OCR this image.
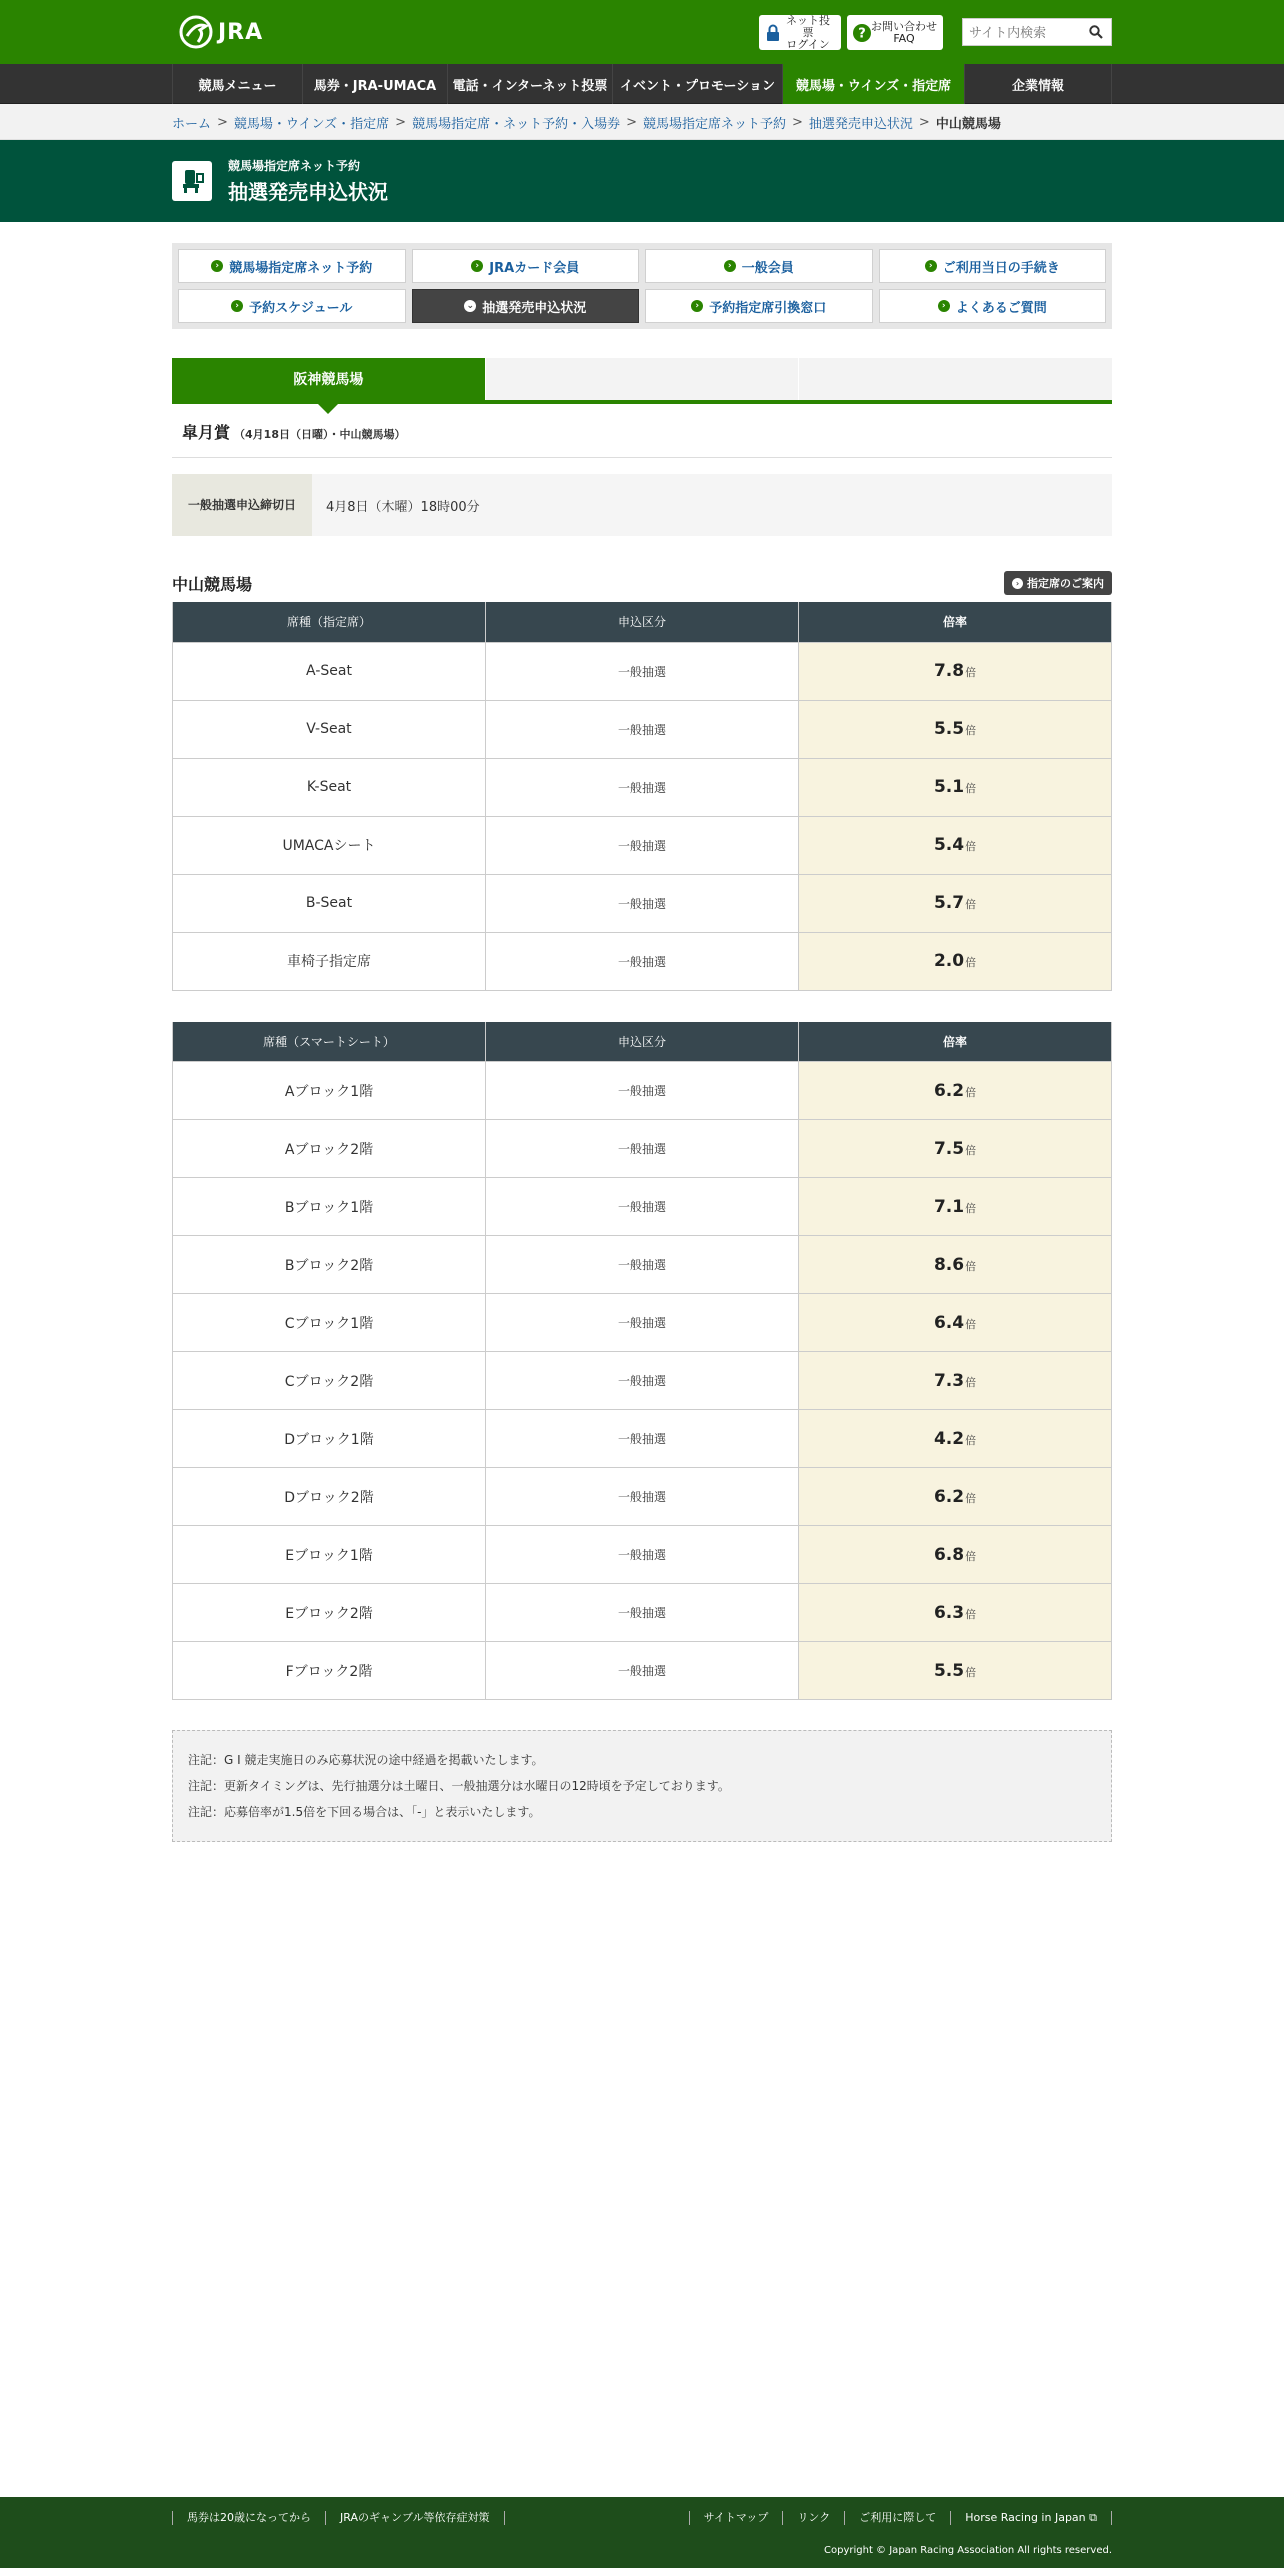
JRA	ネット投票
ログイン
? お問い合わせ
FAQ
サイト内検索
競馬メニュー	馬券・JRA-UMACA	電話・インターネット投票 イベント・プロモーション	競馬場・ウインズ・指定席	企業情報
ホーム > 競馬場・ウインズ・指定席 > 競馬場指定席・ネット予約・入場券 > 競馬場指定席ネット予約 > 抽選発売申込状況 > 中山競馬場
競馬場指定席ネット予約
抽選発売申込状況
› 競馬場指定席ネット予約	› JRAカード会員	› 一般会員	› ご利用当日の手続き
› 予約スケジュール	⌄ 抽選発売申込状況	› 予約指定席引換窓口	› よくあるご質問
阪神競馬場
皐月賞 （4月18日（日曜）・中山競馬場）
一般抽選 申込締切日	4月8日（木曜）18時00分
中山競馬場	› 指定席のご案内
席種（指定席）	申込区分	倍率
A-Seat	一般抽選	7.8倍
V-Seat	一般抽選	5.5倍
K-Seat	一般抽選	5.1倍
UMACAシート	一般抽選	5.4倍
B-Seat	一般抽選	5.7倍
車椅子指定席	一般抽選	2.0倍
席種（スマートシート）	申込区分	倍率
Aブロック1階	一般抽選	6.2倍
Aブロック2階	一般抽選	7.5倍
Bブロック1階	一般抽選	7.1倍
Bブロック2階	一般抽選	8.6倍
Cブロック1階	一般抽選	6.4倍
Cブロック2階	一般抽選	7.3倍
Dブロック1階	一般抽選	4.2倍
Dブロック2階	一般抽選	6.2倍
Eブロック1階	一般抽選	6.8倍
Eブロック2階	一般抽選	6.3倍
Fブロック2階	一般抽選	5.5倍
注記：G I 競走実施日のみ応募状況の途中経過を掲載いたします。
注記：更新タイミングは、先行抽選分は土曜日、一般抽選分は水曜日の12時頃を予定しております。
注記：応募倍率が1.5倍を下回る場合は、「-」と表示いたします。
馬券は20歳になってから	JRAのギャンブル等依存症対策	サイトマップ	リンク	ご利用に際して	Horse Racing in Japan ⧉
Copyright © Japan Racing Association All rights reserved.
